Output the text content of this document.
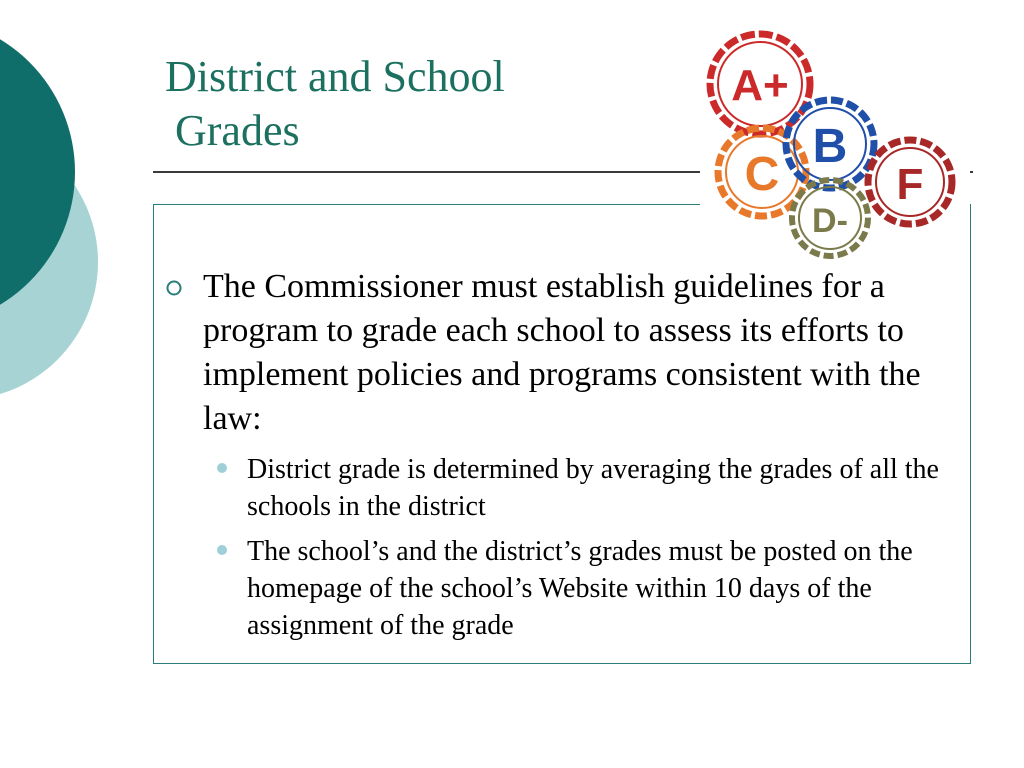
District and School
Grades
A+
C
B
D-
F

The Commissioner must establish guidelines for a program to grade each school to assess its efforts to implement policies and programs consistent with the law:

District grade is determined by averaging the grades of all the schools in the district

The school’s and the district’s grades must be posted on the homepage of the school’s Website within 10 days of the assignment of the grade
